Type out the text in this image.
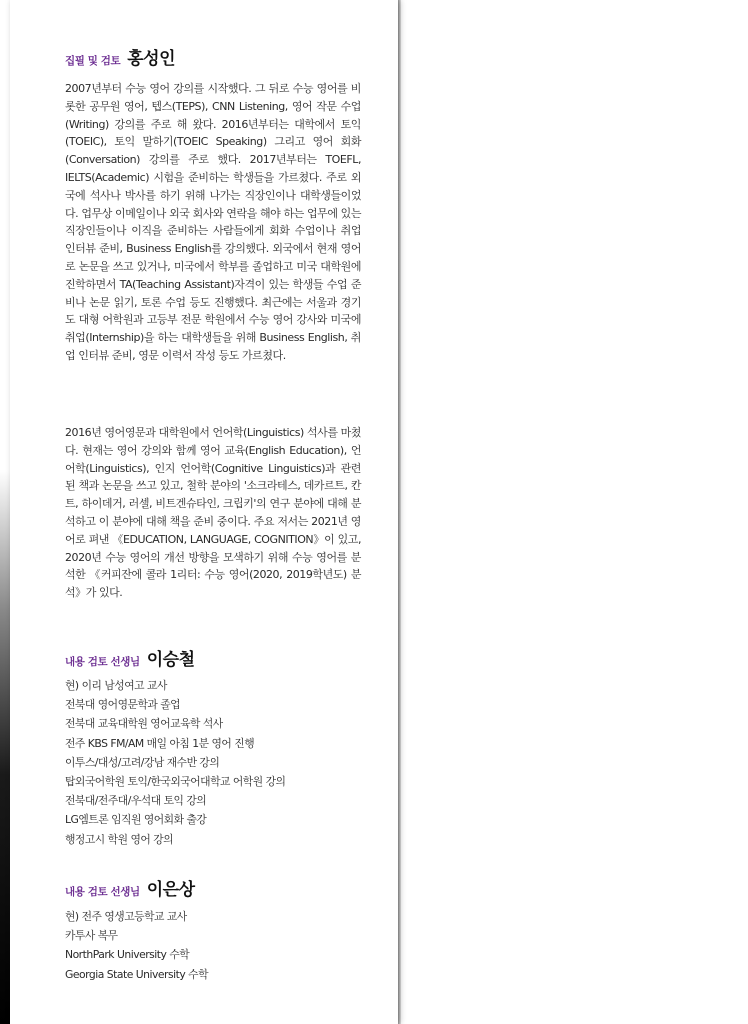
집필 및 검토 홍성인

2007년부터 수능 영어 강의를 시작했다. 그 뒤로 수능 영어를 비롯한 공무원 영어, 텝스(TEPS), CNN Listening, 영어 작문 수업(Writing) 강의를 주로 해 왔다. 2016년부터는 대학에서 토익(TOEIC), 토익 말하기(TOEIC Speaking) 그리고 영어 회화(Conversation) 강의를 주로 했다. 2017년부터는 TOEFL, IELTS(Academic) 시험을 준비하는 학생들을 가르쳤다. 주로 외국에 석사나 박사를 하기 위해 나가는 직장인이나 대학생들이었다. 업무상 이메일이나 외국 회사와 연락을 해야 하는 업무에 있는 직장인들이나 이직을 준비하는 사람들에게 회화 수업이나 취업 인터뷰 준비, Business English를 강의했다. 외국에서 현재 영어로 논문을 쓰고 있거나, 미국에서 학부를 졸업하고 미국 대학원에 진학하면서 TA(Teaching Assistant)자격이 있는 학생들 수업 준비나 논문 읽기, 토론 수업 등도 진행했다. 최근에는 서울과 경기도 대형 어학원과 고등부 전문 학원에서 수능 영어 강사와 미국에 취업(Internship)을 하는 대학생들을 위해 Business English, 취업 인터뷰 준비, 영문 이력서 작성 등도 가르쳤다.

2016년 영어영문과 대학원에서 언어학(Linguistics) 석사를 마쳤다. 현재는 영어 강의와 함께 영어 교육(English Education), 언어학(Linguistics), 인지 언어학(Cognitive Linguistics)과 관련된 책과 논문을 쓰고 있고, 철학 분야의 '소크라테스, 데카르트, 칸트, 하이데거, 러셀, 비트겐슈타인, 크립키'의 연구 분야에 대해 분석하고 이 분야에 대해 책을 준비 중이다. 주요 저서는 2021년 영어로 펴낸 《EDUCATION, LANGUAGE, COGNITION》이 있고, 2020년 수능 영어의 개선 방향을 모색하기 위해 수능 영어를 분석한 《커피잔에 콜라 1리터: 수능 영어(2020, 2019학년도) 분석》가 있다.

내용 검토 선생님 이승철
현) 이리 남성여고 교사
전북대 영어영문학과 졸업
전북대 교육대학원 영어교육학 석사
전주 KBS FM/AM 매일 아침 1분 영어 진행
이투스/대성/고려/강남 재수반 강의
탑외국어학원 토익/한국외국어대학교 어학원 강의
전북대/전주대/우석대 토익 강의
LG엠트론 임직원 영어회화 출강
행정고시 학원 영어 강의
내용 검토 선생님 이은상
현) 전주 영생고등학교 교사
카투사 복무
NorthPark University 수학
Georgia State University 수학
